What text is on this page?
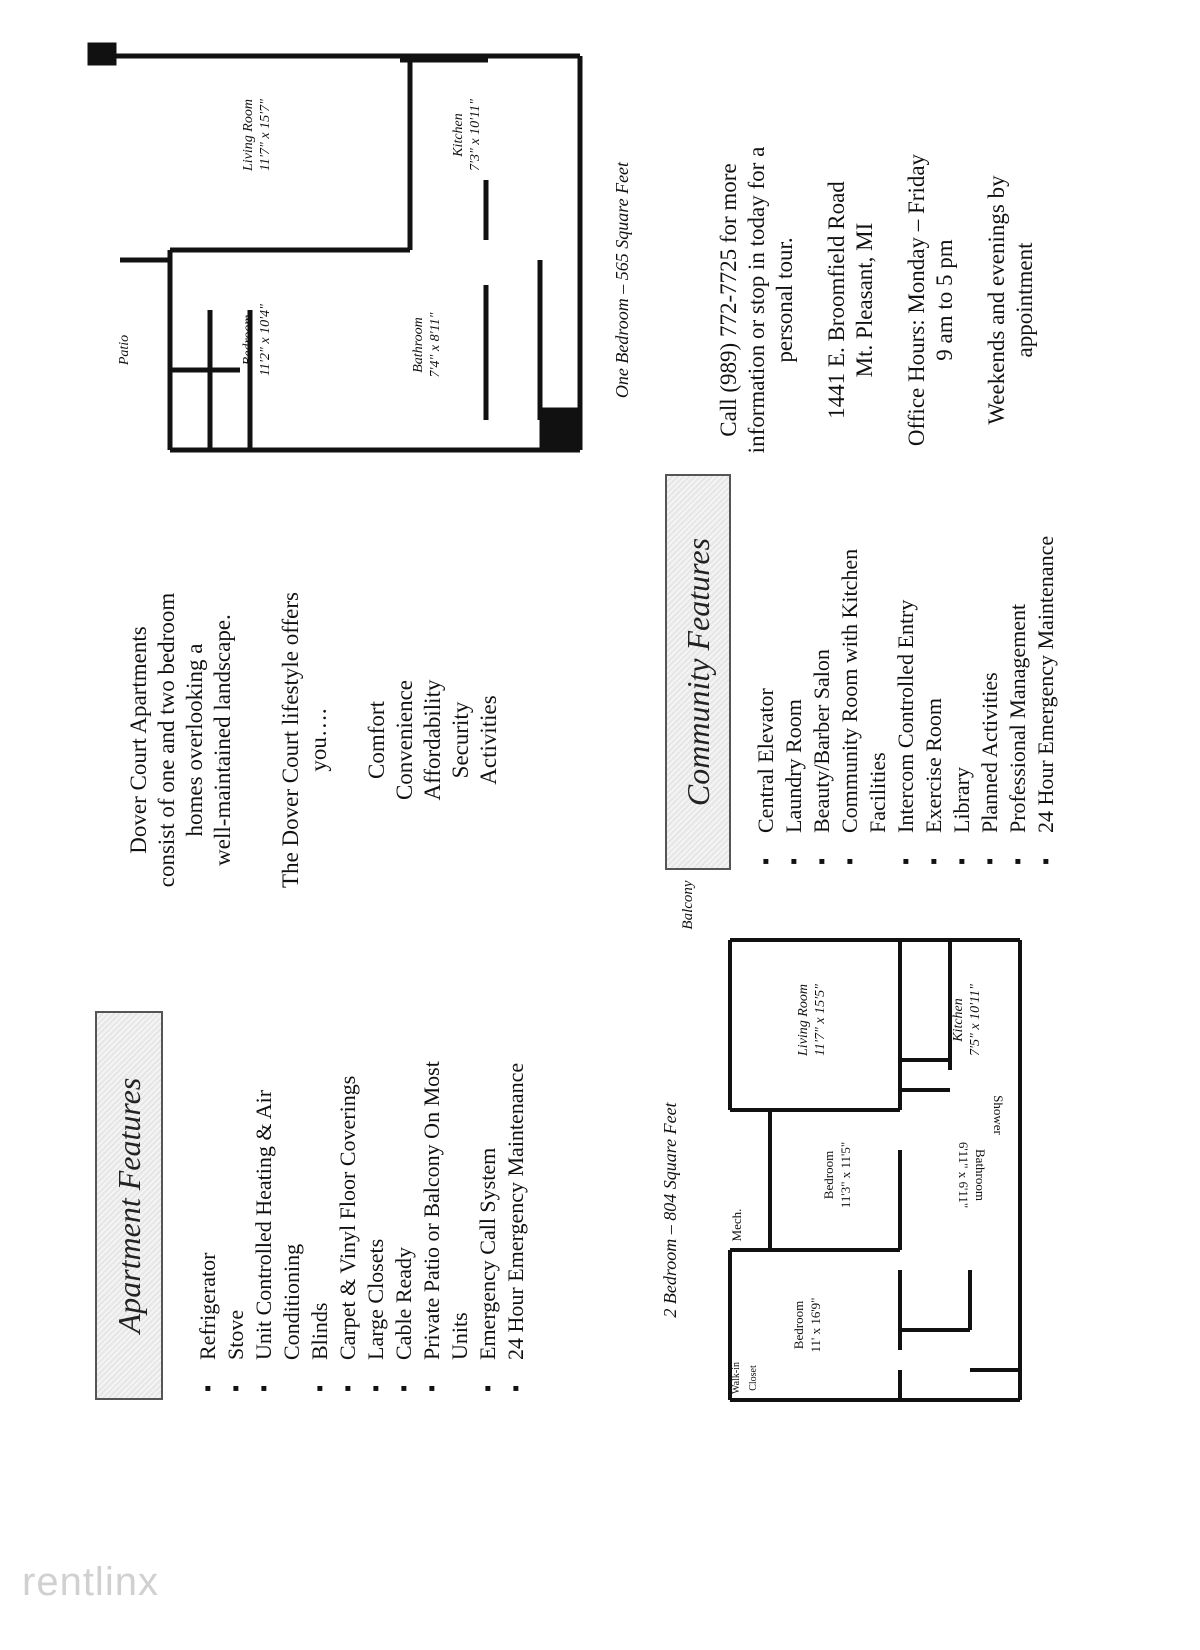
Living Room 11'7" x 15'7"	Kitchen 7'3" x 10'11"
Bedroom 11'2" x 10'4"	Bathroom 7'4" x 8'11"
Patio	One Bedroom – 565 Square Feet	Call (989) 772-7725 for more information or stop in today for a personal tour. 1441 E. Broomfield Road Mt. Pleasant, MI Office Hours: Monday – Friday 9 am to 5 pm Weekends and evenings by appointment
Dover Court Apartments consist of one and two bedroom homes overlooking a well-maintained landscape. The Dover Court lifestyle offers you…. Comfort Convenience Affordability Security Activities	Community Features	▪ Central Elevator ▪ Laundry Room ▪ Beauty/Barber Salon ▪ Community Room with Kitchen Facilities ▪ Intercom Controlled Entry ▪ Exercise Room ▪ Library ▪ Planned Activities ▪ Professional Management ▪ 24 Hour Emergency Maintenance
Apartment Features	▪ Refrigerator ▪ Stove ▪ Unit Controlled Heating & Air Conditioning ▪ Blinds ▪ Carpet & Vinyl Floor Coverings ▪ Large Closets ▪ Cable Ready ▪ Private Patio or Balcony On Most Units ▪ Emergency Call System ▪ 24 Hour Emergency Maintenance	2 Bedroom – 804 Square Feet
Living Room 11'7" x 15'5"	Kitchen 7'5" x 10'11"
Bedroom 11'3" x 11'5"
Bedroom 11' x 16'9"
Bathroom
6'11" x 6'11"
Shower
Mech.
Walk-in Closet
Balcony
rentlinx
